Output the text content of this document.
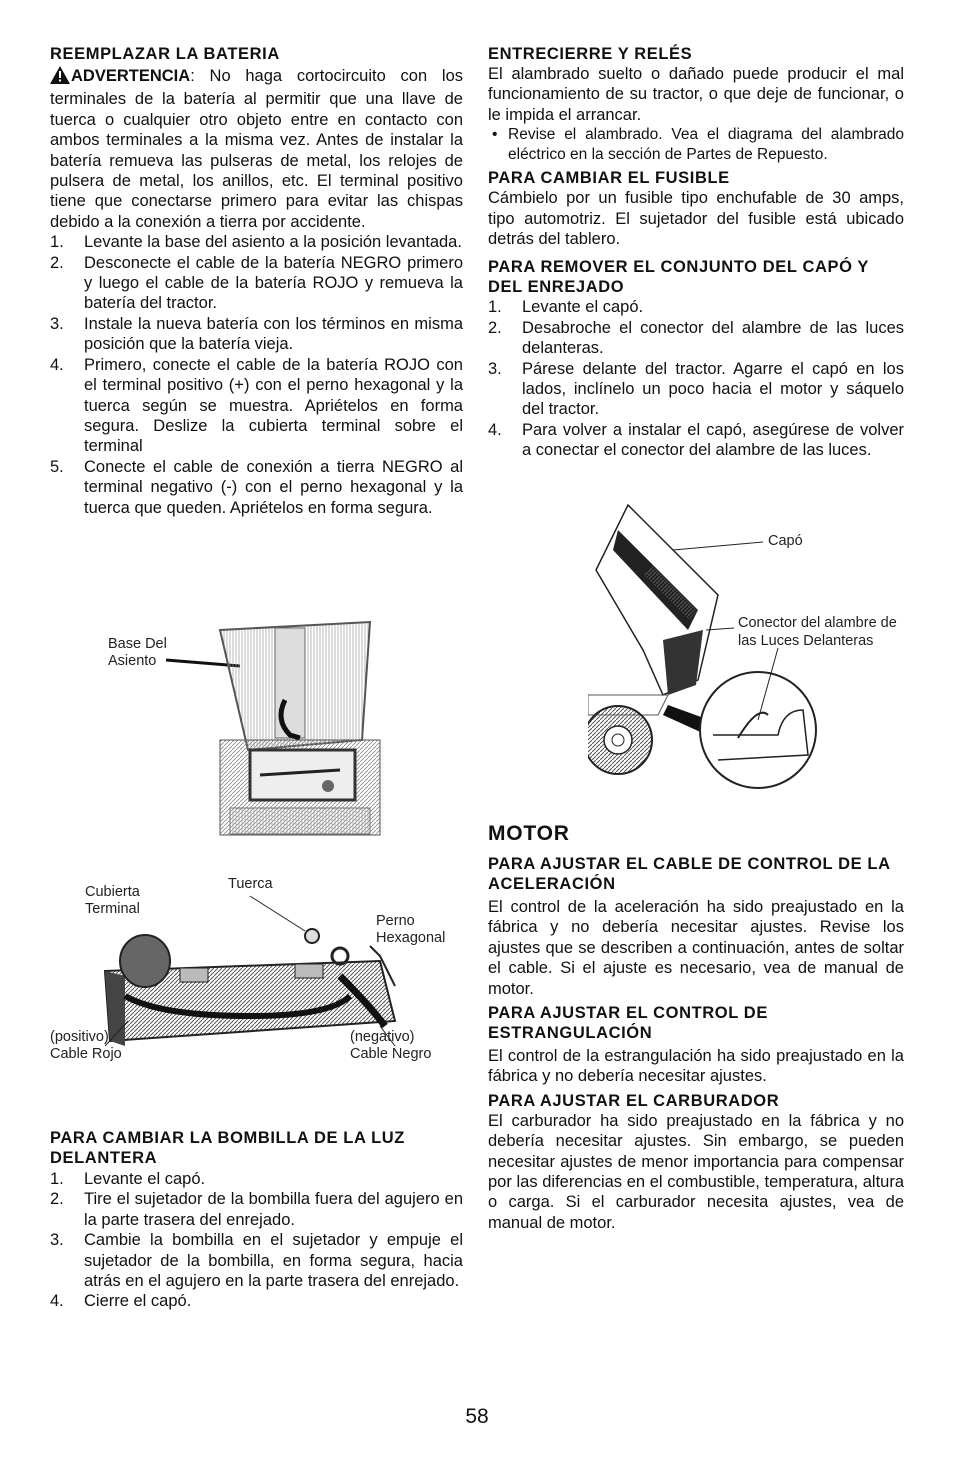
REEMPLAZAR LA BATERIA

ADVERTENCIA: No haga cortocircuito con los terminales de la batería al permitir que una llave de tuerca o cualquier otro objeto entre en contacto con ambos terminales a la misma vez. Antes de instalar la batería remueva las pulseras de metal, los relojes de pulsera de metal, los anillos, etc. El terminal positivo tiene que conectarse primero para evitar las chispas debido a la conexión a tierra por accidente.

1. Levante la base del asiento a la posición levantada.
2. Desconecte el cable de la batería NEGRO primero y luego el cable de la batería ROJO y remueva la batería del tractor.
3. Instale la nueva batería con los términos en misma posición que la batería vieja.
4. Primero, conecte el cable de la batería ROJO con el terminal positivo (+) con el perno hexagonal y la tuerca según se muestra. Apriételos en forma segura. Deslize la cubierta terminal sobre el terminal
5. Conecte el cable de conexión a tierra NEGRO al terminal negativo (-) con el perno hexagonal y la tuerca que queden. Apriételos en forma segura.
Base Del
Asiento
Cubierta
Terminal
Tuerca
Perno
Hexagonal
(positivo)
Cable Rojo
(negativo)
Cable Negro
PARA CAMBIAR LA BOMBILLA DE LA LUZ DELANTERA
1. Levante el capó.
2. Tire el sujetador de la bombilla fuera del agujero en la parte trasera del enrejado.
3. Cambie la bombilla en el sujetador y empuje el sujetador de la bombilla, en forma segura, hacia atrás en el agujero en la parte trasera del enrejado.
4. Cierre el capó.
ENTRECIERRE Y RELÉS

El alambrado suelto o dañado puede producir el mal funcionamiento de su tractor, o que deje de funcionar, o le impida el arrancar.

• Revise el alambrado. Vea el diagrama del alambrado eléctrico en la sección de Partes de Repuesto.
PARA CAMBIAR EL FUSIBLE

Cámbielo por un fusible tipo enchufable de 30 amps, tipo automotriz. El sujetador del fusible está ubicado detrás del tablero.

PARA REMOVER EL CONJUNTO DEL CAPÓ Y DEL ENREJADO
1. Levante el capó.
2. Desabroche el conector del alambre de las luces delanteras.
3. Párese delante del tractor. Agarre el capó en los lados, inclínelo un poco hacia el motor y sáquelo del tractor.
4. Para volver a instalar el capó, asegúrese de volver a conectar el conector del alambre de las luces.
Capó
Conector del alambre de
las Luces Delanteras
MOTOR
PARA AJUSTAR EL CABLE DE CONTROL DE LA ACELERACIÓN

El control de la aceleración ha sido preajustado en la fábrica y no debería necesitar ajustes. Revise los ajustes que se describen a continuación, antes de soltar el cable. Si el ajuste es necesario, vea de manual de motor.

PARA AJUSTAR EL CONTROL DE ESTRANGULACIÓN

El control de la estrangulación ha sido preajustado en la fábrica y no debería necesitar ajustes.

PARA AJUSTAR EL CARBURADOR

El carburador ha sido preajustado en la fábrica y no debería necesitar ajustes. Sin embargo, se pueden necesitar ajustes de menor importancia para compensar por las diferencias en el combustible, temperatura, altura o carga. Si el carburador necesita ajustes, vea de manual de motor.

58
